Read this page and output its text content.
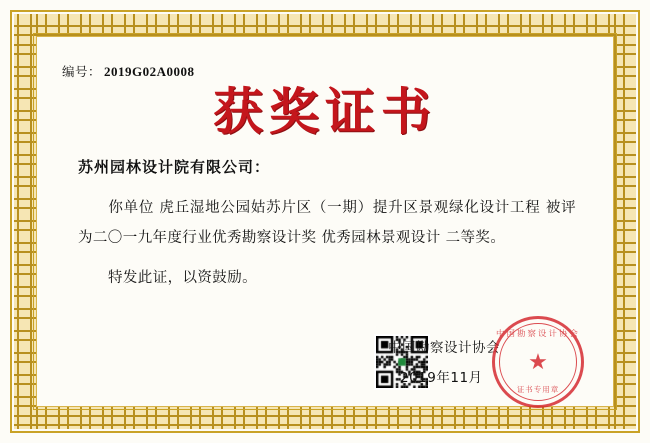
编号： 2019G02A0008
获奖证书
苏州园林设计院有限公司：
你单位 虎丘湿地公园姑苏片区（一期）提升区景观绿化设计工程 被评为二〇一九年度行业优秀勘察设计奖 优秀园林景观设计 二等奖。
特发此证，以资鼓励。
中国勘察设计协会
2019年11月
中国勘察设计协会
★
证书专用章
